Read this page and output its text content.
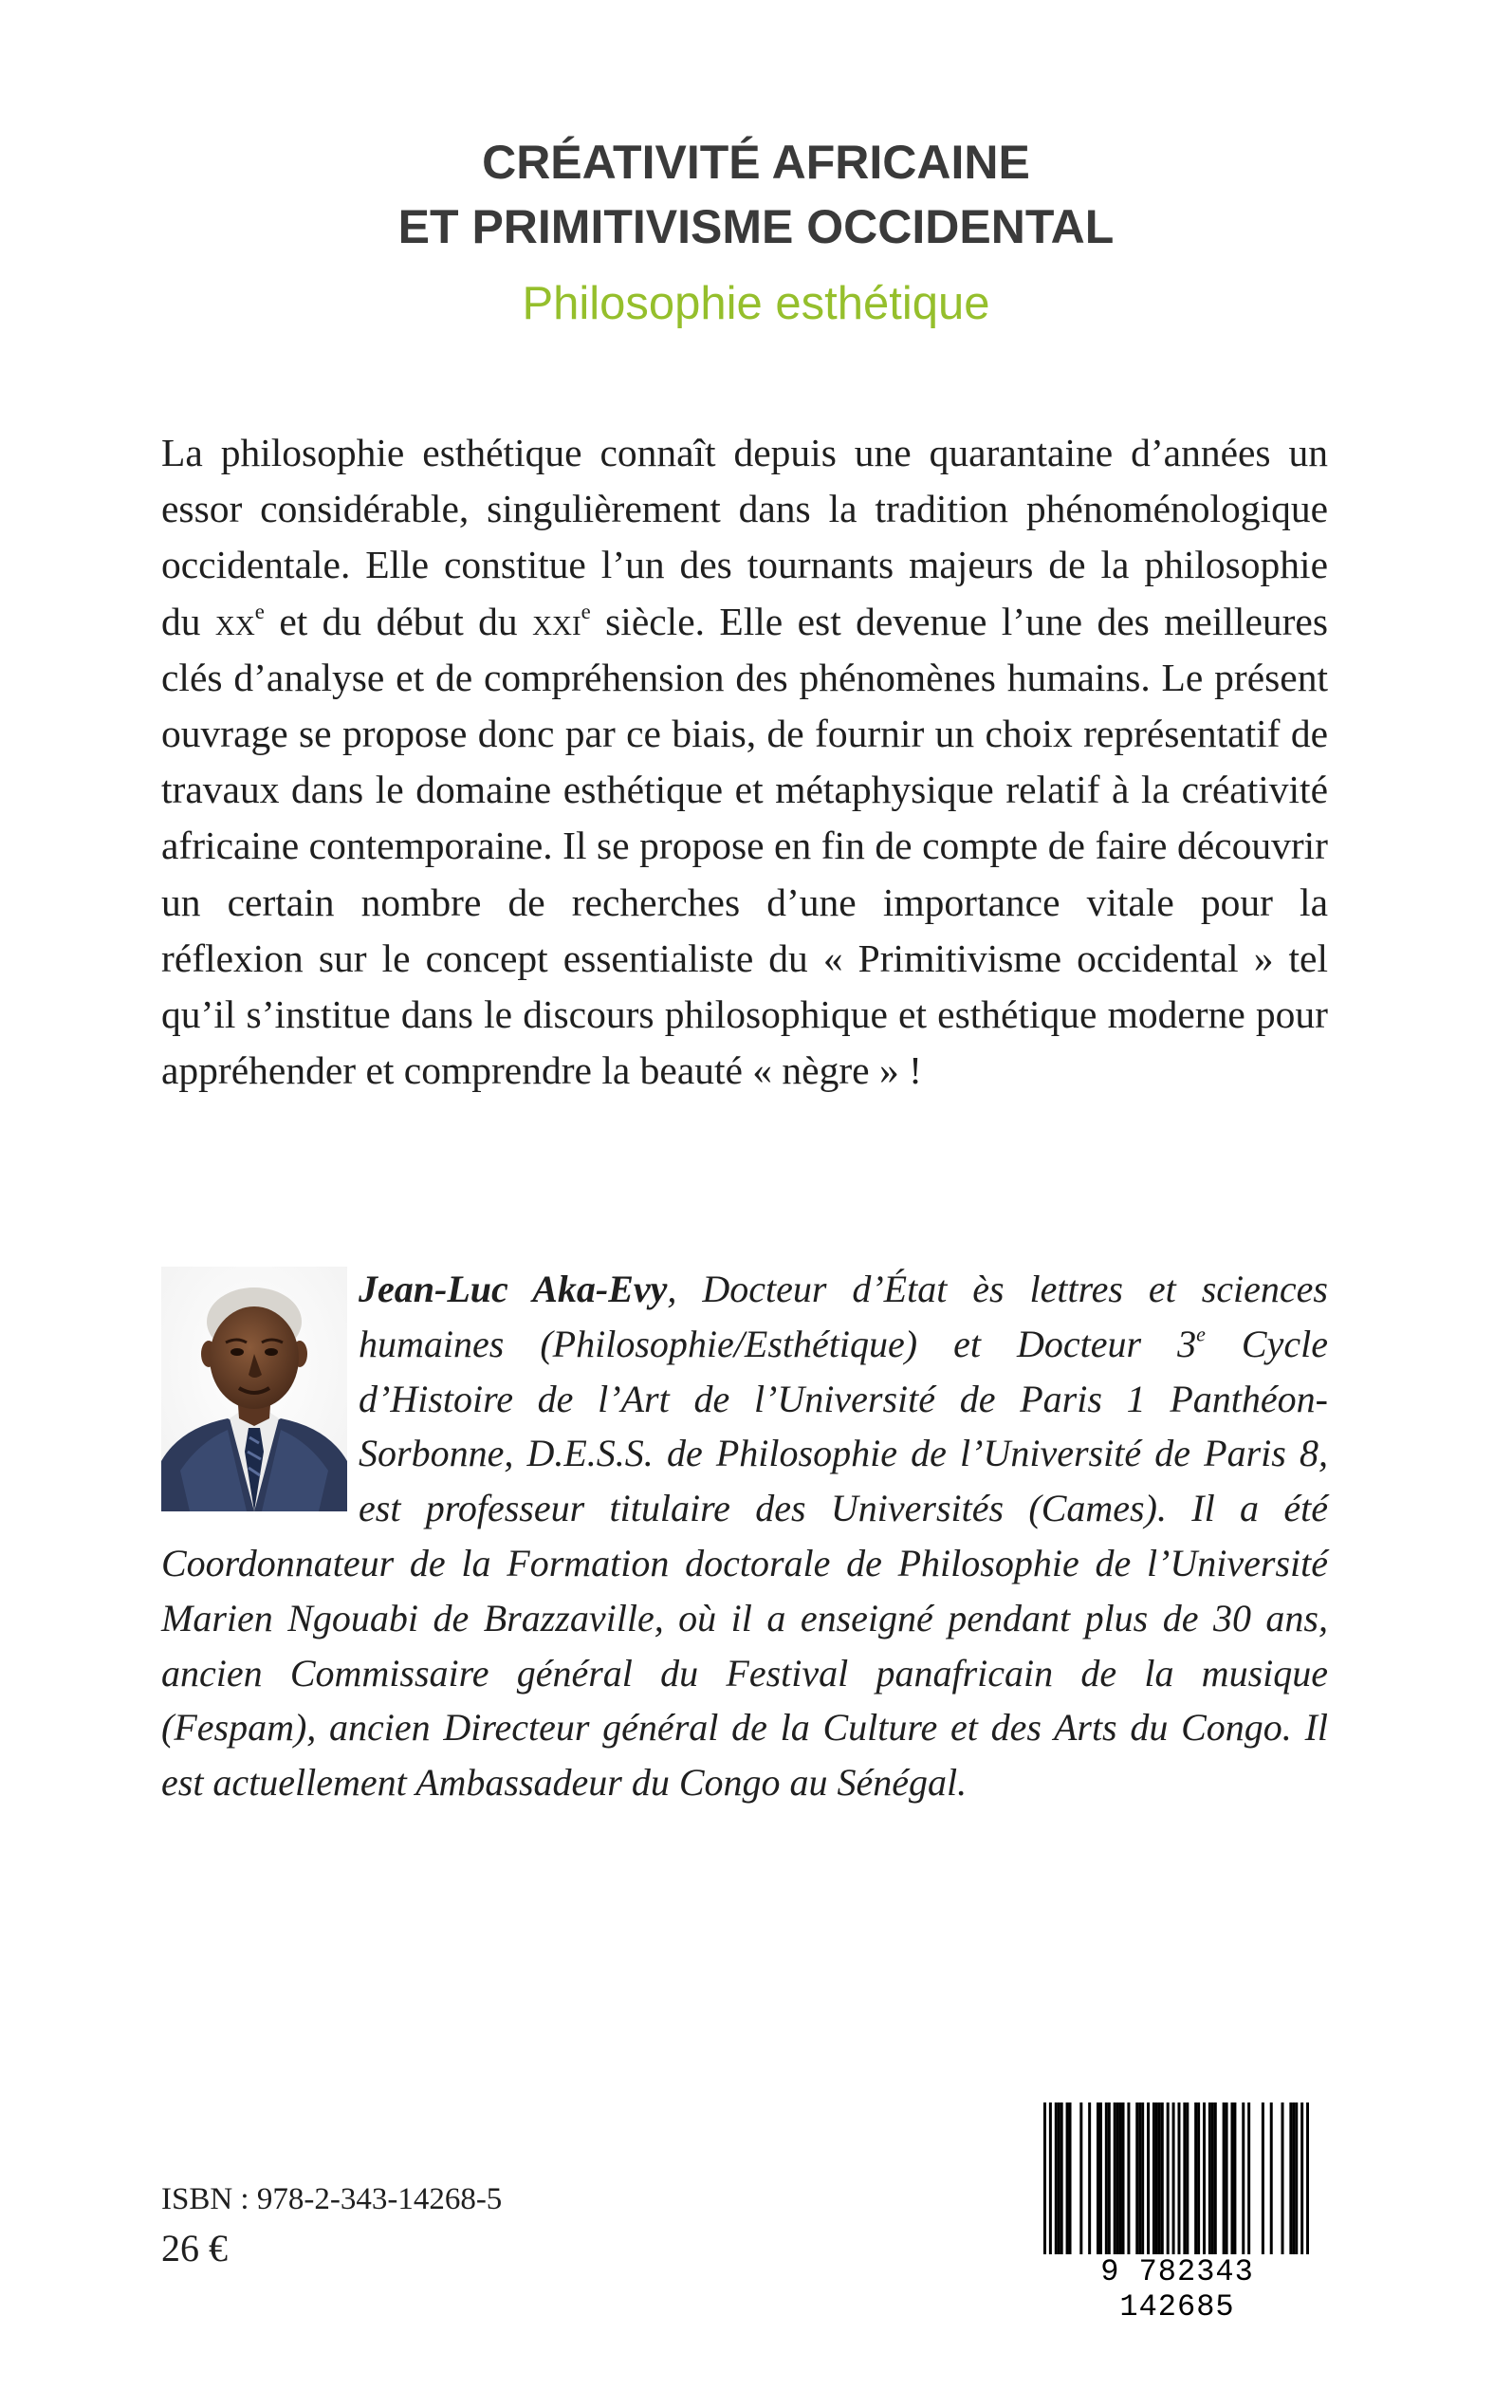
CRÉATIVITÉ AFRICAINE
ET PRIMITIVISME OCCIDENTAL
Philosophie esthétique

La philosophie esthétique connaît depuis une quarantaine d’années un essor considérable, singulièrement dans la tradition phénoménologique occidentale. Elle constitue l’un des tournants majeurs de la philosophie du $xx^e$ et du début du xxi$^e$ siècle. Elle est devenue l’une des meilleures clés d’analyse et de compréhension des phénomènes humains. Le présent ouvrage se propose donc par ce biais, de fournir un choix représentatif de travaux dans le domaine esthétique et métaphysique relatif à la créativité africaine contemporaine. Il se propose en fin de compte de faire découvrir un certain nombre de recherches d’une importance vitale pour la réflexion sur le concept essentialiste du « Primitivisme occidental » tel qu’il s’institue dans le discours philosophique et esthétique moderne pour appréhender et comprendre la beauté « nègre » !

Jean-Luc Aka-Evy, Docteur d’État ès lettres et sciences humaines (Philosophie/Esthétique) et Docteur 3e Cycle d’Histoire de l’Art de l’Université de Paris 1 Panthéon-Sorbonne, D.E.S.S. de Philosophie de l’Université de Paris 8, est professeur titulaire des Universités (Cames). Il a été Coordonnateur de la Formation doctorale de Philosophie de l’Université Marien Ngouabi de Brazzaville, où il a enseigné pendant plus de 30 ans, ancien Commissaire général du Festival panafricain de la musique (Fespam), ancien Directeur général de la Culture et des Arts du Congo. Il est actuellement Ambassadeur du Congo au Sénégal.

ISBN : 978-2-343-14268-5
26 €
9 782343 142685
